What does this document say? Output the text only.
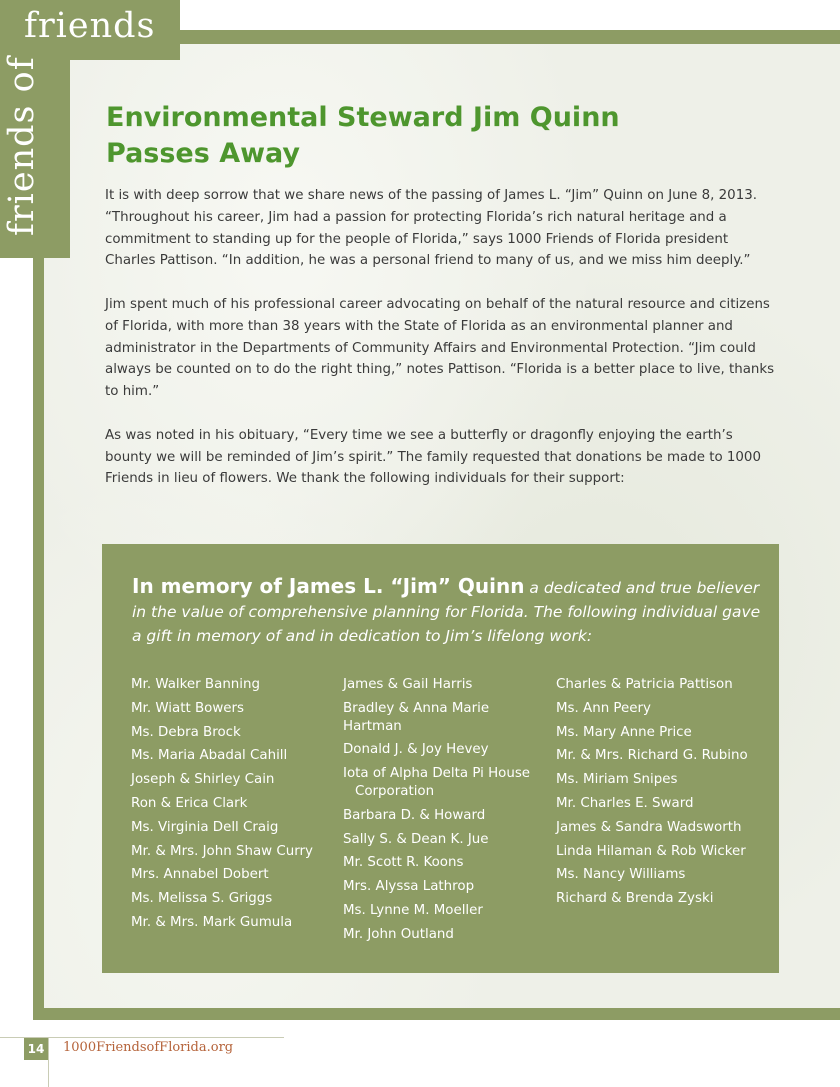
friends
friends of Environmental Steward Jim Quinn Passes Away

It is with deep sorrow that we share news of the passing of James L. “Jim” Quinn on June 8, 2013. “Throughout his career, Jim had a passion for protecting Florida’s rich natural heritage and a commitment to standing up for the people of Florida,” says 1000 Friends of Florida president Charles Pattison. “In addition, he was a personal friend to many of us, and we miss him deeply.”

Jim spent much of his professional career advocating on behalf of the natural resource and citizens of Florida, with more than 38 years with the State of Florida as an environmental planner and administrator in the Departments of Community Affairs and Environmental Protection. “Jim could always be counted on to do the right thing,” notes Pattison. “Florida is a better place to live, thanks to him.”

As was noted in his obituary, “Every time we see a butterfly or dragonfly enjoying the earth’s bounty we will be reminded of Jim’s spirit.” The family requested that donations be made to 1000 Friends in lieu of flowers. We thank the following individuals for their support:

In memory of James L. “Jim” Quinn a dedicated and true believer in the value of comprehensive planning for Florida. The following individual gave a gift in memory of and in dedication to Jim’s lifelong work:
Mr. Walker Banning
Mr. Wiatt Bowers
Ms. Debra Brock
Ms. Maria Abadal Cahill
Joseph & Shirley Cain
Ron & Erica Clark
Ms. Virginia Dell Craig
Mr. & Mrs. John Shaw Curry
Mrs. Annabel Dobert
Ms. Melissa S. Griggs
Mr. & Mrs. Mark Gumula
James & Gail Harris
Bradley & Anna Marie Hartman
Donald J. & Joy Hevey
Iota of Alpha Delta Pi House Corporation
Barbara D. & Howard
Sally S. & Dean K. Jue
Mr. Scott R. Koons
Mrs. Alyssa Lathrop
Ms. Lynne M. Moeller
Mr. John Outland
Charles & Patricia Pattison
Ms. Ann Peery
Ms. Mary Anne Price
Mr. & Mrs. Richard G. Rubino
Ms. Miriam Snipes
Mr. Charles E. Sward
James & Sandra Wadsworth
Linda Hilaman & Rob Wicker
Ms. Nancy Williams
Richard & Brenda Zyski
14 1000FriendsofFlorida.org
